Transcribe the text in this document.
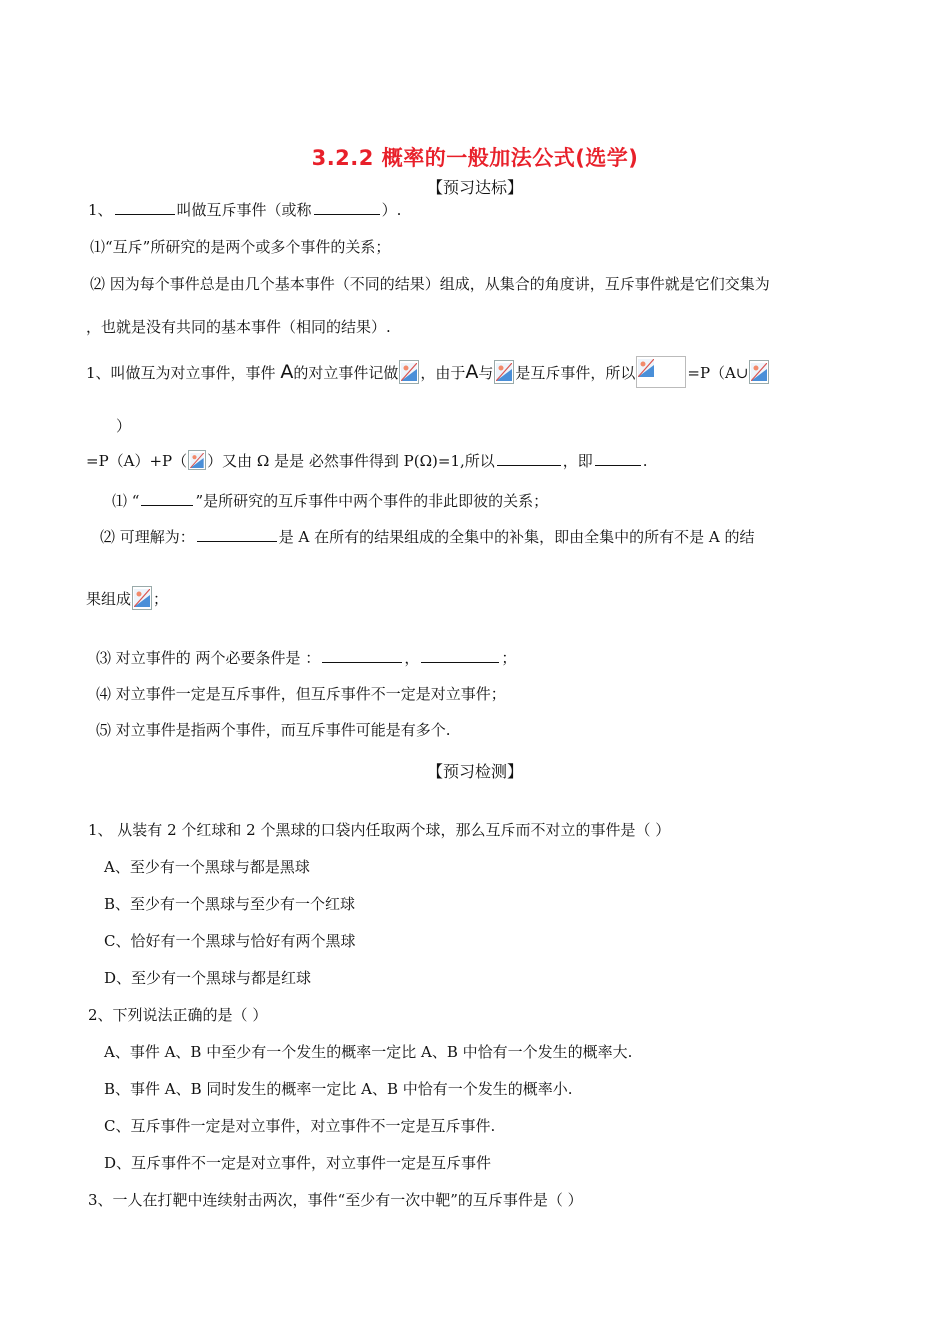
3.2.2 概率的一般加法公式(选学)
【预习达标】
1、	叫做互斥事件（或称	）.
⑴“互斥”所研究的是两个或多个事件的关系；
⑵ 因为每个事件总是由几个基本事件（不同的结果）组成，从集合的角度讲，互斥事件就是它们交集为
，也就是没有共同的基本事件（相同的结果）.
1、叫做互为对立事件，事件 A的对立事件记做 ，由于A与 是互斥事件，所以	=P（A∪
）
=P（A）+P（ ）又由 Ω 是是 必然事件得到 P(Ω)=1,所以	，即	.
⑴ “	”是所研究的互斥事件中两个事件的非此即彼的关系；
⑵ 可理解为：	是 A 在所有的结果组成的全集中的补集，即由全集中的所有不是 A 的结
果组成 ；
⑶ 对立事件的 两个必要条件是 ：	，	；
⑷ 对立事件一定是互斥事件，但互斥事件不一定是对立事件；
⑸ 对立事件是指两个事件，而互斥事件可能是有多个.
【预习检测】
1、 从装有 2 个红球和 2 个黑球的口袋内任取两个球，那么互斥而不对立的事件是（ ）
A、至少有一个黑球与都是黑球
B、至少有一个黑球与至少有一个红球
C、恰好有一个黑球与恰好有两个黑球
D、至少有一个黑球与都是红球
2、下列说法正确的是（ ）
A、事件 A、B 中至少有一个发生的概率一定比 A、B 中恰有一个发生的概率大.
B、事件 A、B 同时发生的概率一定比 A、B 中恰有一个发生的概率小.
C、互斥事件一定是对立事件，对立事件不一定是互斥事件.
D、互斥事件不一定是对立事件，对立事件一定是互斥事件
3、一人在打靶中连续射击两次，事件“至少有一次中靶”的互斥事件是（ ）
